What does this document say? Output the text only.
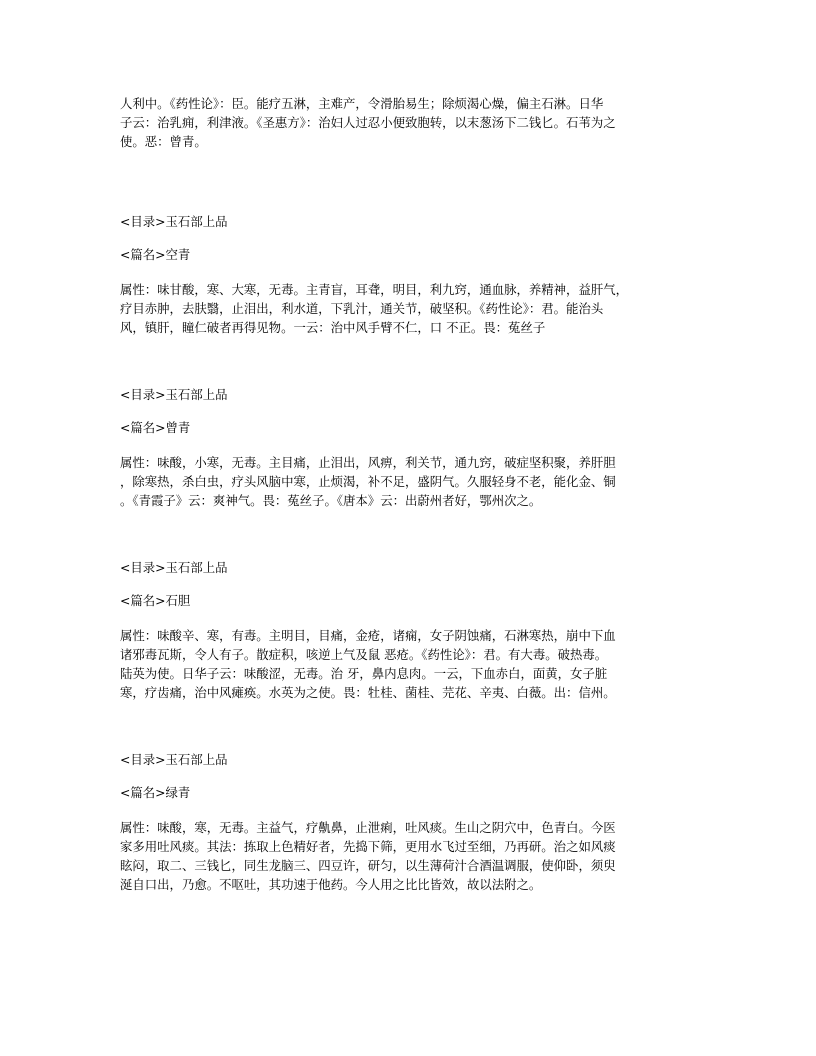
人利中。《药性论》：臣。能疗五淋，主难产，令滑胎易生；除烦渴心燥，偏主石淋。日华
子云：治乳痈，利津液。《圣惠方》：治妇人过忍小便致胞转，以末葱汤下二钱匕。石苇为之
使。恶：曾青。

<目录>玉石部上品

<篇名>空青

属性：味甘酸，寒、大寒，无毒。主青盲，耳聋，明目，利九窍，通血脉，养精神，益肝气，
疗目赤肿，去肤翳，止泪出，利水道，下乳汁，通关节，破坚积。《药性论》：君。能治头
风，镇肝，瞳仁破者再得见物。一云：治中风手臂不仁，口 不正。畏：菟丝子

<目录>玉石部上品

<篇名>曾青

属性：味酸，小寒，无毒。主目痛，止泪出，风痹，利关节，通九窍，破症坚积聚，养肝胆
，除寒热，杀白虫，疗头风脑中寒，止烦渴，补不足，盛阴气。久服轻身不老，能化金、铜
。《青霞子》云：爽神气。畏：菟丝子。《唐本》云：出蔚州者好，鄂州次之。

<目录>玉石部上品

<篇名>石胆

属性：味酸辛、寒，有毒。主明目，目痛，金疮，诸痫，女子阴蚀痛，石淋寒热，崩中下血
诸邪毒瓦斯，令人有子。散症积，咳逆上气及鼠 恶疮。《药性论》：君。有大毒。破热毒。
陆英为使。日华子云：味酸涩，无毒。治 牙，鼻内息肉。一云，下血赤白，面黄，女子脏
寒，疗齿痛，治中风瘫痪。水英为之使。畏：牡桂、菌桂、芫花、辛夷、白薇。出：信州。

<目录>玉石部上品

<篇名>绿青

属性：味酸，寒，无毒。主益气，疗鼽鼻，止泄痢，吐风痰。生山之阴穴中，色青白。今医
家多用吐风痰。其法：拣取上色精好者，先捣下筛，更用水飞过至细，乃再研。治之如风痰
眩闷，取二、三钱匕，同生龙脑三、四豆许，研匀，以生薄荷汁合酒温调服，使仰卧，须臾
涎自口出，乃愈。不呕吐，其功速于他药。今人用之比比皆效，故以法附之。
